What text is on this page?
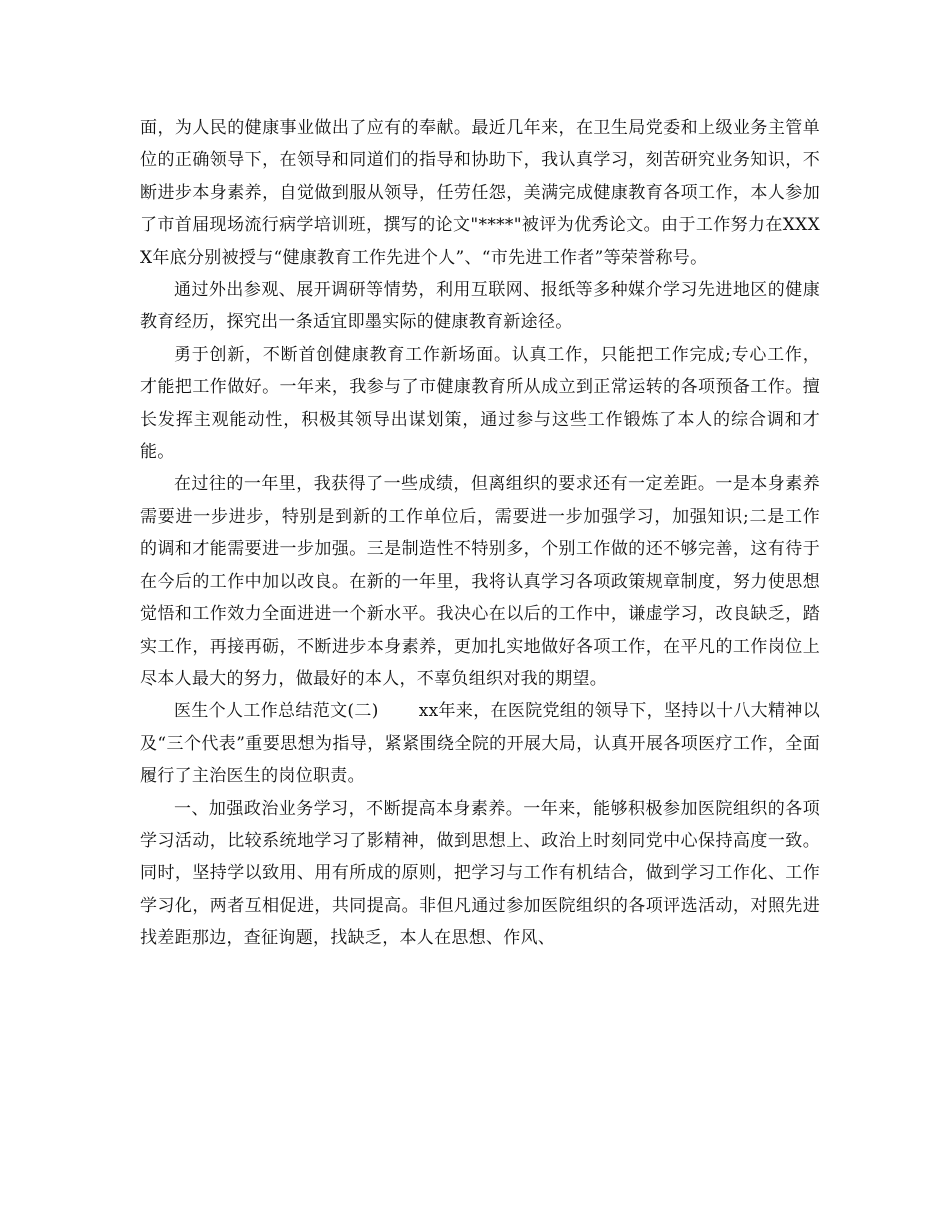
面，为人民的健康事业做出了应有的奉献。最近几年来，在卫生局党委和上级业务主管单位的正确领导下，在领导和同道们的指导和协助下，我认真学习，刻苦研究业务知识，不断进步本身素养，自觉做到服从领导，任劳任怨，美满完成健康教育各项工作，本人参加了市首届现场流行病学培训班，撰写的论文"****"被评为优秀论文。由于工作努力在XXXX年底分别被授与“健康教育工作先进个人”、“市先进工作者”等荣誉称号。

通过外出参观、展开调研等情势，利用互联网、报纸等多种媒介学习先进地区的健康教育经历，探究出一条适宜即墨实际的健康教育新途径。

勇于创新，不断首创健康教育工作新场面。认真工作，只能把工作完成;专心工作，才能把工作做好。一年来，我参与了市健康教育所从成立到正常运转的各项预备工作。擅长发挥主观能动性，积极其领导出谋划策，通过参与这些工作锻炼了本人的综合调和才能。

在过往的一年里，我获得了一些成绩，但离组织的要求还有一定差距。一是本身素养需要进一步进步，特别是到新的工作单位后，需要进一步加强学习，加强知识;二是工作的调和才能需要进一步加强。三是制造性不特别多，个别工作做的还不够完善，这有待于在今后的工作中加以改良。在新的一年里，我将认真学习各项政策规章制度，努力使思想觉悟和工作效力全面进进一个新水平。我决心在以后的工作中，谦虚学习，改良缺乏，踏实工作，再接再砺，不断进步本身素养，更加扎实地做好各项工作，在平凡的工作岗位上尽本人最大的努力，做最好的本人，不辜负组织对我的期望。

医生个人工作总结范文(二) xx年来，在医院党组的领导下，坚持以十八大精神以及“三个代表”重要思想为指导，紧紧围绕全院的开展大局，认真开展各项医疗工作，全面履行了主治医生的岗位职责。

一、加强政治业务学习，不断提高本身素养。一年来，能够积极参加医院组织的各项学习活动，比较系统地学习了影精神，做到思想上、政治上时刻同党中心保持高度一致。同时，坚持学以致用、用有所成的原则，把学习与工作有机结合，做到学习工作化、工作学习化，两者互相促进，共同提高。非但凡通过参加医院组织的各项评选活动，对照先进找差距那边，查征询题，找缺乏，本人在思想、作风、
